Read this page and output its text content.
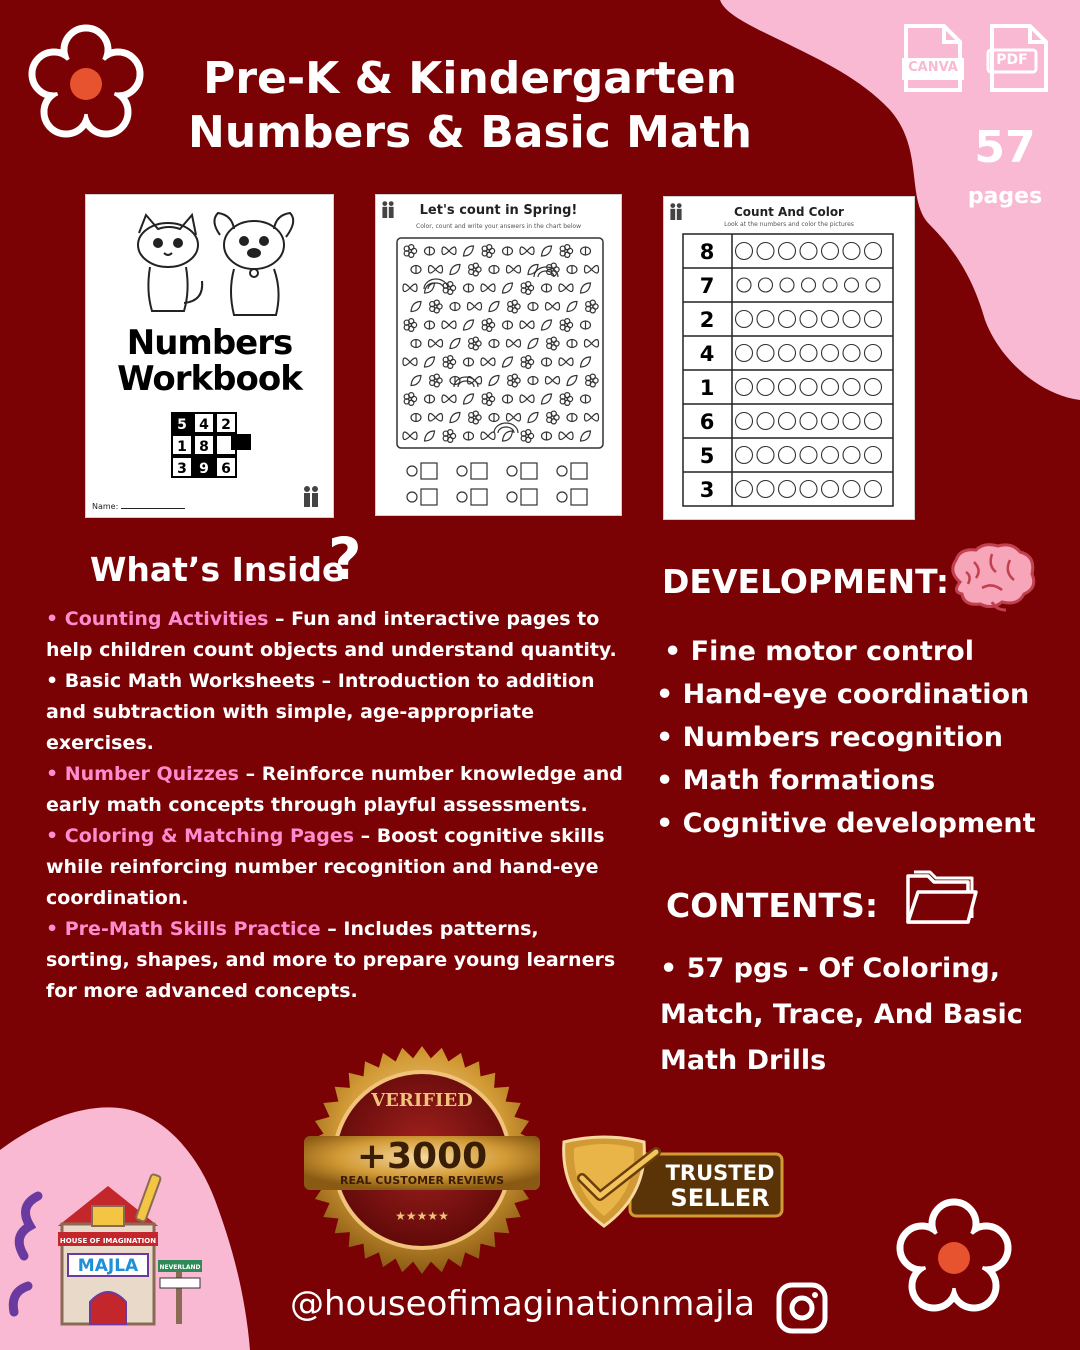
Pre-K & Kindergarten
Numbers & Basic Math
CANVA	PDF
57
pages
Numbers
Workbook
5 4 2
1 8
9 6
3
Name:
Let's count in Spring!
Color, count and write your answers in the chart below
Count And Color
Look at the numbers and color the pictures
8
7
2
4
1
6
5
3
What’s Inside
?
• Counting Activities – Fun and interactive pages to help children count objects and understand quantity.
• Basic Math Worksheets – Introduction to addition and subtraction with simple, age-appropriate exercises.
• Number Quizzes – Reinforce number knowledge and early math concepts through playful assessments.
• Coloring & Matching Pages – Boost cognitive skills while reinforcing number recognition and hand-eye coordination.
• Pre-Math Skills Practice – Includes patterns, sorting, shapes, and more to prepare young learners for more advanced concepts.
DEVELOPMENT:
• Fine motor control
• Hand-eye coordination
• Numbers recognition
• Math formations
• Cognitive development
CONTENTS:
• 57 pgs - Of Coloring, Match, Trace, And Basic Math Drills
VERIFIED
+3000
REAL CUSTOMER REVIEWS
★★★★★
TRUSTED
SELLER
HOUSE OF IMAGINATION
MAJLA	NEVERLAND
@houseofimaginationmajla
